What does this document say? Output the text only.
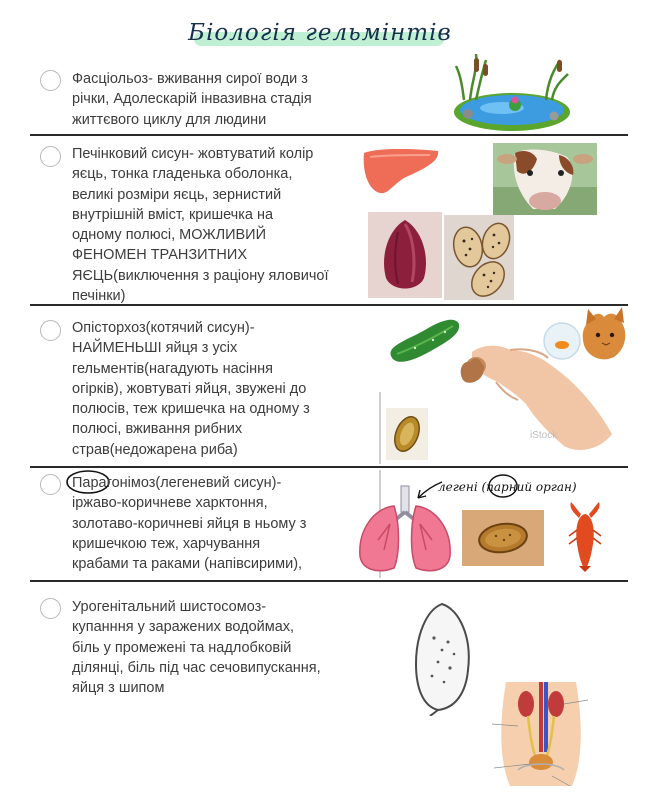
Біологія гельмінтів
Фасціольоз- вживання сирої води з
річки, Адолескарій інвазивна стадія
життєвого циклу для людини
Печінковий сисун- жовтуватий колір
яєць, тонка гладенька оболонка,
великі розміри яєць, зернистий
внутрішній вміст, кришечка на
одному полюсі, МОЖЛИВИЙ
ФЕНОМЕН ТРАНЗИТНИХ
ЯЄЦЬ(виключення з раціону яловичої
печінки)
Опісторхоз(котячий сисун)-
НАЙМЕНЬШІ яйця з усіх
гельментів(нагадують насіння
огірків), жовтуваті яйця, звужені до
полюсів, теж кришечка на одному з
полюсі, вживання рибних
страв(недожарена риба)
iStock
Парагонімоз(легеневий сисун)-
іржаво-коричневе харктоння,
золотаво-коричневі яйця в ньому з
кришечкою теж, харчування
крабами та раками (напівсирими),
легені (парний орган)
Урогенітальний шистосомоз-
купанння у заражених водоймах,
біль у промежені та надлобковій
ділянці, біль під час сечовипускання,
яйця з шипом
